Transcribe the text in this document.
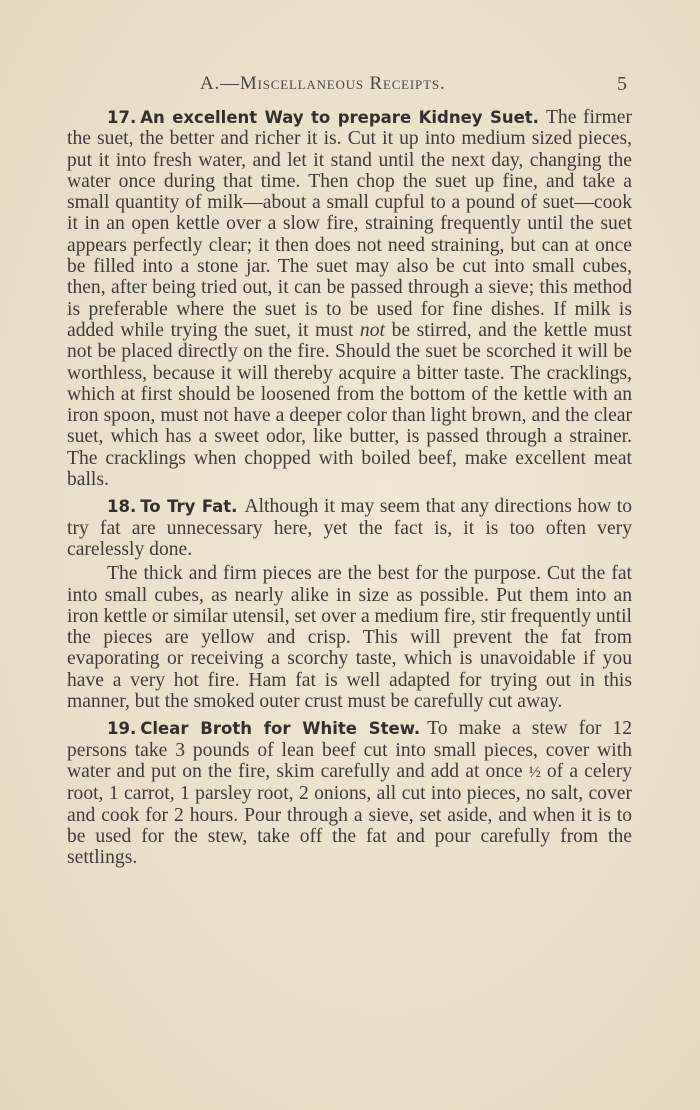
A.—Miscellaneous Receipts.	5

17. An excellent Way to prepare Kidney Suet. The firmer the suet, the better and richer it is. Cut it up into medium sized pieces, put it into fresh water, and let it stand until the next day, changing the water once during that time. Then chop the suet up fine, and take a small quantity of milk—about a small cupful to a pound of suet—cook it in an open kettle over a slow fire, straining frequently until the suet appears perfectly clear; it then does not need straining, but can at once be filled into a stone jar. The suet may also be cut into small cubes, then, after being tried out, it can be passed through a sieve; this method is preferable where the suet is to be used for fine dishes. If milk is added while trying the suet, it must not be stirred, and the kettle must not be placed directly on the fire. Should the suet be scorched it will be worthless, because it will thereby acquire a bitter taste. The cracklings, which at first should be loosened from the bottom of the kettle with an iron spoon, must not have a deeper color than light brown, and the clear suet, which has a sweet odor, like butter, is passed through a strainer. The cracklings when chopped with boiled beef, make excellent meat balls.

18. To Try Fat. Although it may seem that any directions how to try fat are unnecessary here, yet the fact is, it is too often very carelessly done.

The thick and firm pieces are the best for the purpose. Cut the fat into small cubes, as nearly alike in size as possible. Put them into an iron kettle or similar utensil, set over a medium fire, stir frequently until the pieces are yellow and crisp. This will prevent the fat from evaporating or receiving a scorchy taste, which is unavoidable if you have a very hot fire. Ham fat is well adapted for trying out in this manner, but the smoked outer crust must be carefully cut away.

19. Clear Broth for White Stew. To make a stew for 12 persons take 3 pounds of lean beef cut into small pieces, cover with water and put on the fire, skim carefully and add at once ½ of a celery root, 1 carrot, 1 parsley root, 2 onions, all cut into pieces, no salt, cover and cook for 2 hours. Pour through a sieve, set aside, and when it is to be used for the stew, take off the fat and pour carefully from the settlings.
